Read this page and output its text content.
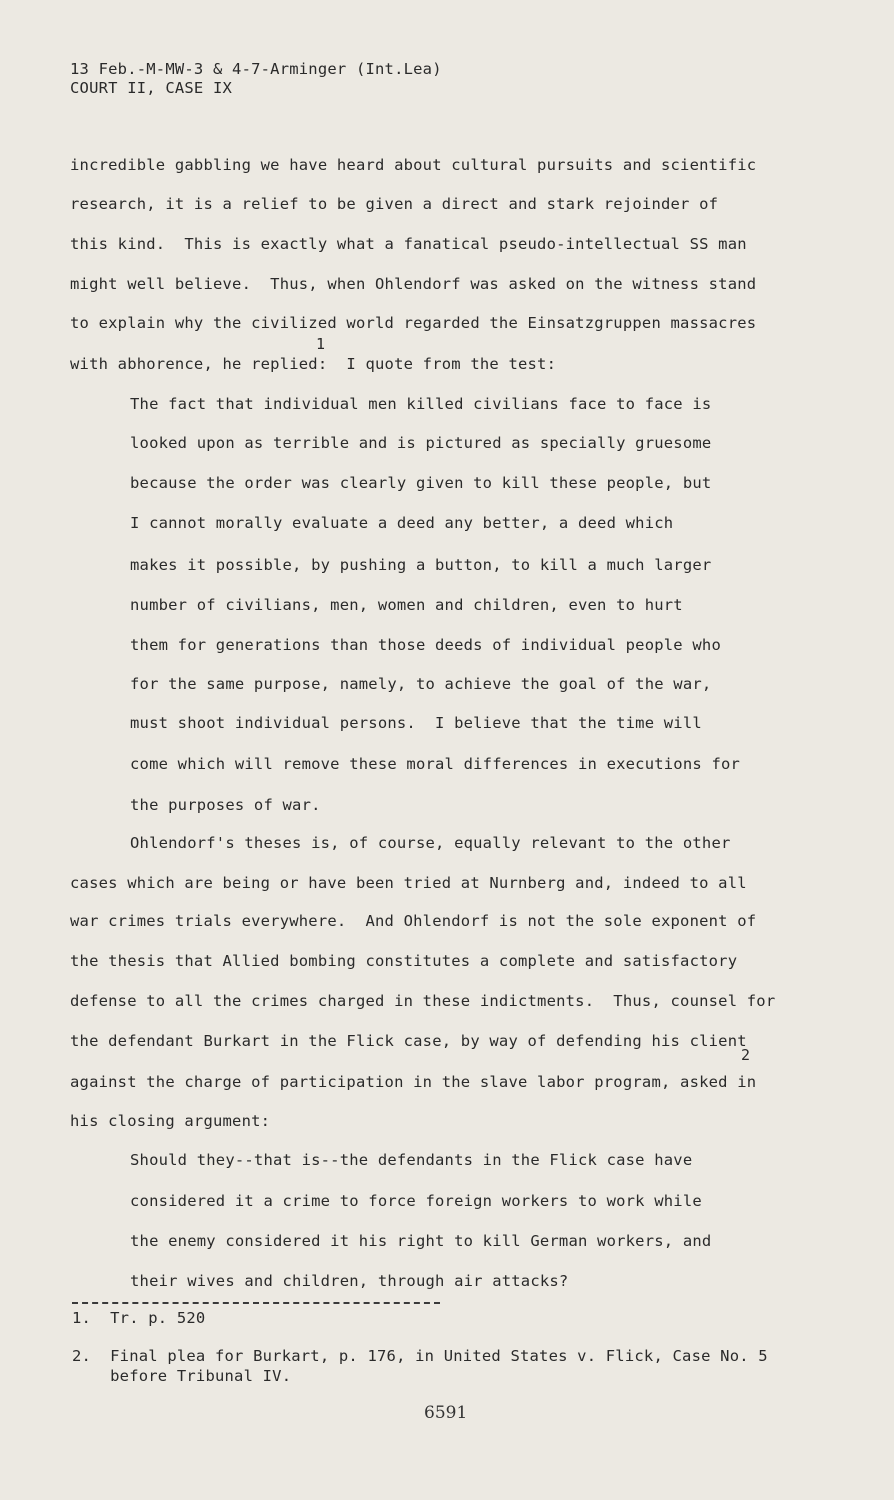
13 Feb.-M-MW-3 & 4-7-Arminger (Int.Lea)
COURT II, CASE IX
incredible gabbling we have heard about cultural pursuits and scientific
research, it is a relief to be given a direct and stark rejoinder of
this kind.  This is exactly what a fanatical pseudo-intellectual SS man
might well believe.  Thus, when Ohlendorf was asked on the witness stand
to explain why the civilized world regarded the Einsatzgruppen massacres
1
with abhorence, he replied:  I quote from the test:
The fact that individual men killed civilians face to face is
looked upon as terrible and is pictured as specially gruesome
because the order was clearly given to kill these people, but
I cannot morally evaluate a deed any better, a deed which
makes it possible, by pushing a button, to kill a much larger
number of civilians, men, women and children, even to hurt
them for generations than those deeds of individual people who
for the same purpose, namely, to achieve the goal of the war,
must shoot individual persons.  I believe that the time will
come which will remove these moral differences in executions for
the purposes of war.
Ohlendorf's theses is, of course, equally relevant to the other
cases which are being or have been tried at Nurnberg and, indeed to all
war crimes trials everywhere.  And Ohlendorf is not the sole exponent of
the thesis that Allied bombing constitutes a complete and satisfactory
defense to all the crimes charged in these indictments.  Thus, counsel for
the defendant Burkart in the Flick case, by way of defending his client
2
against the charge of participation in the slave labor program, asked in
his closing argument:
Should they--that is--the defendants in the Flick case have
considered it a crime to force foreign workers to work while
the enemy considered it his right to kill German workers, and
their wives and children, through air attacks?
1.  Tr. p. 520
2.  Final plea for Burkart, p. 176, in United States v. Flick, Case No. 5
before Tribunal IV.
6591
